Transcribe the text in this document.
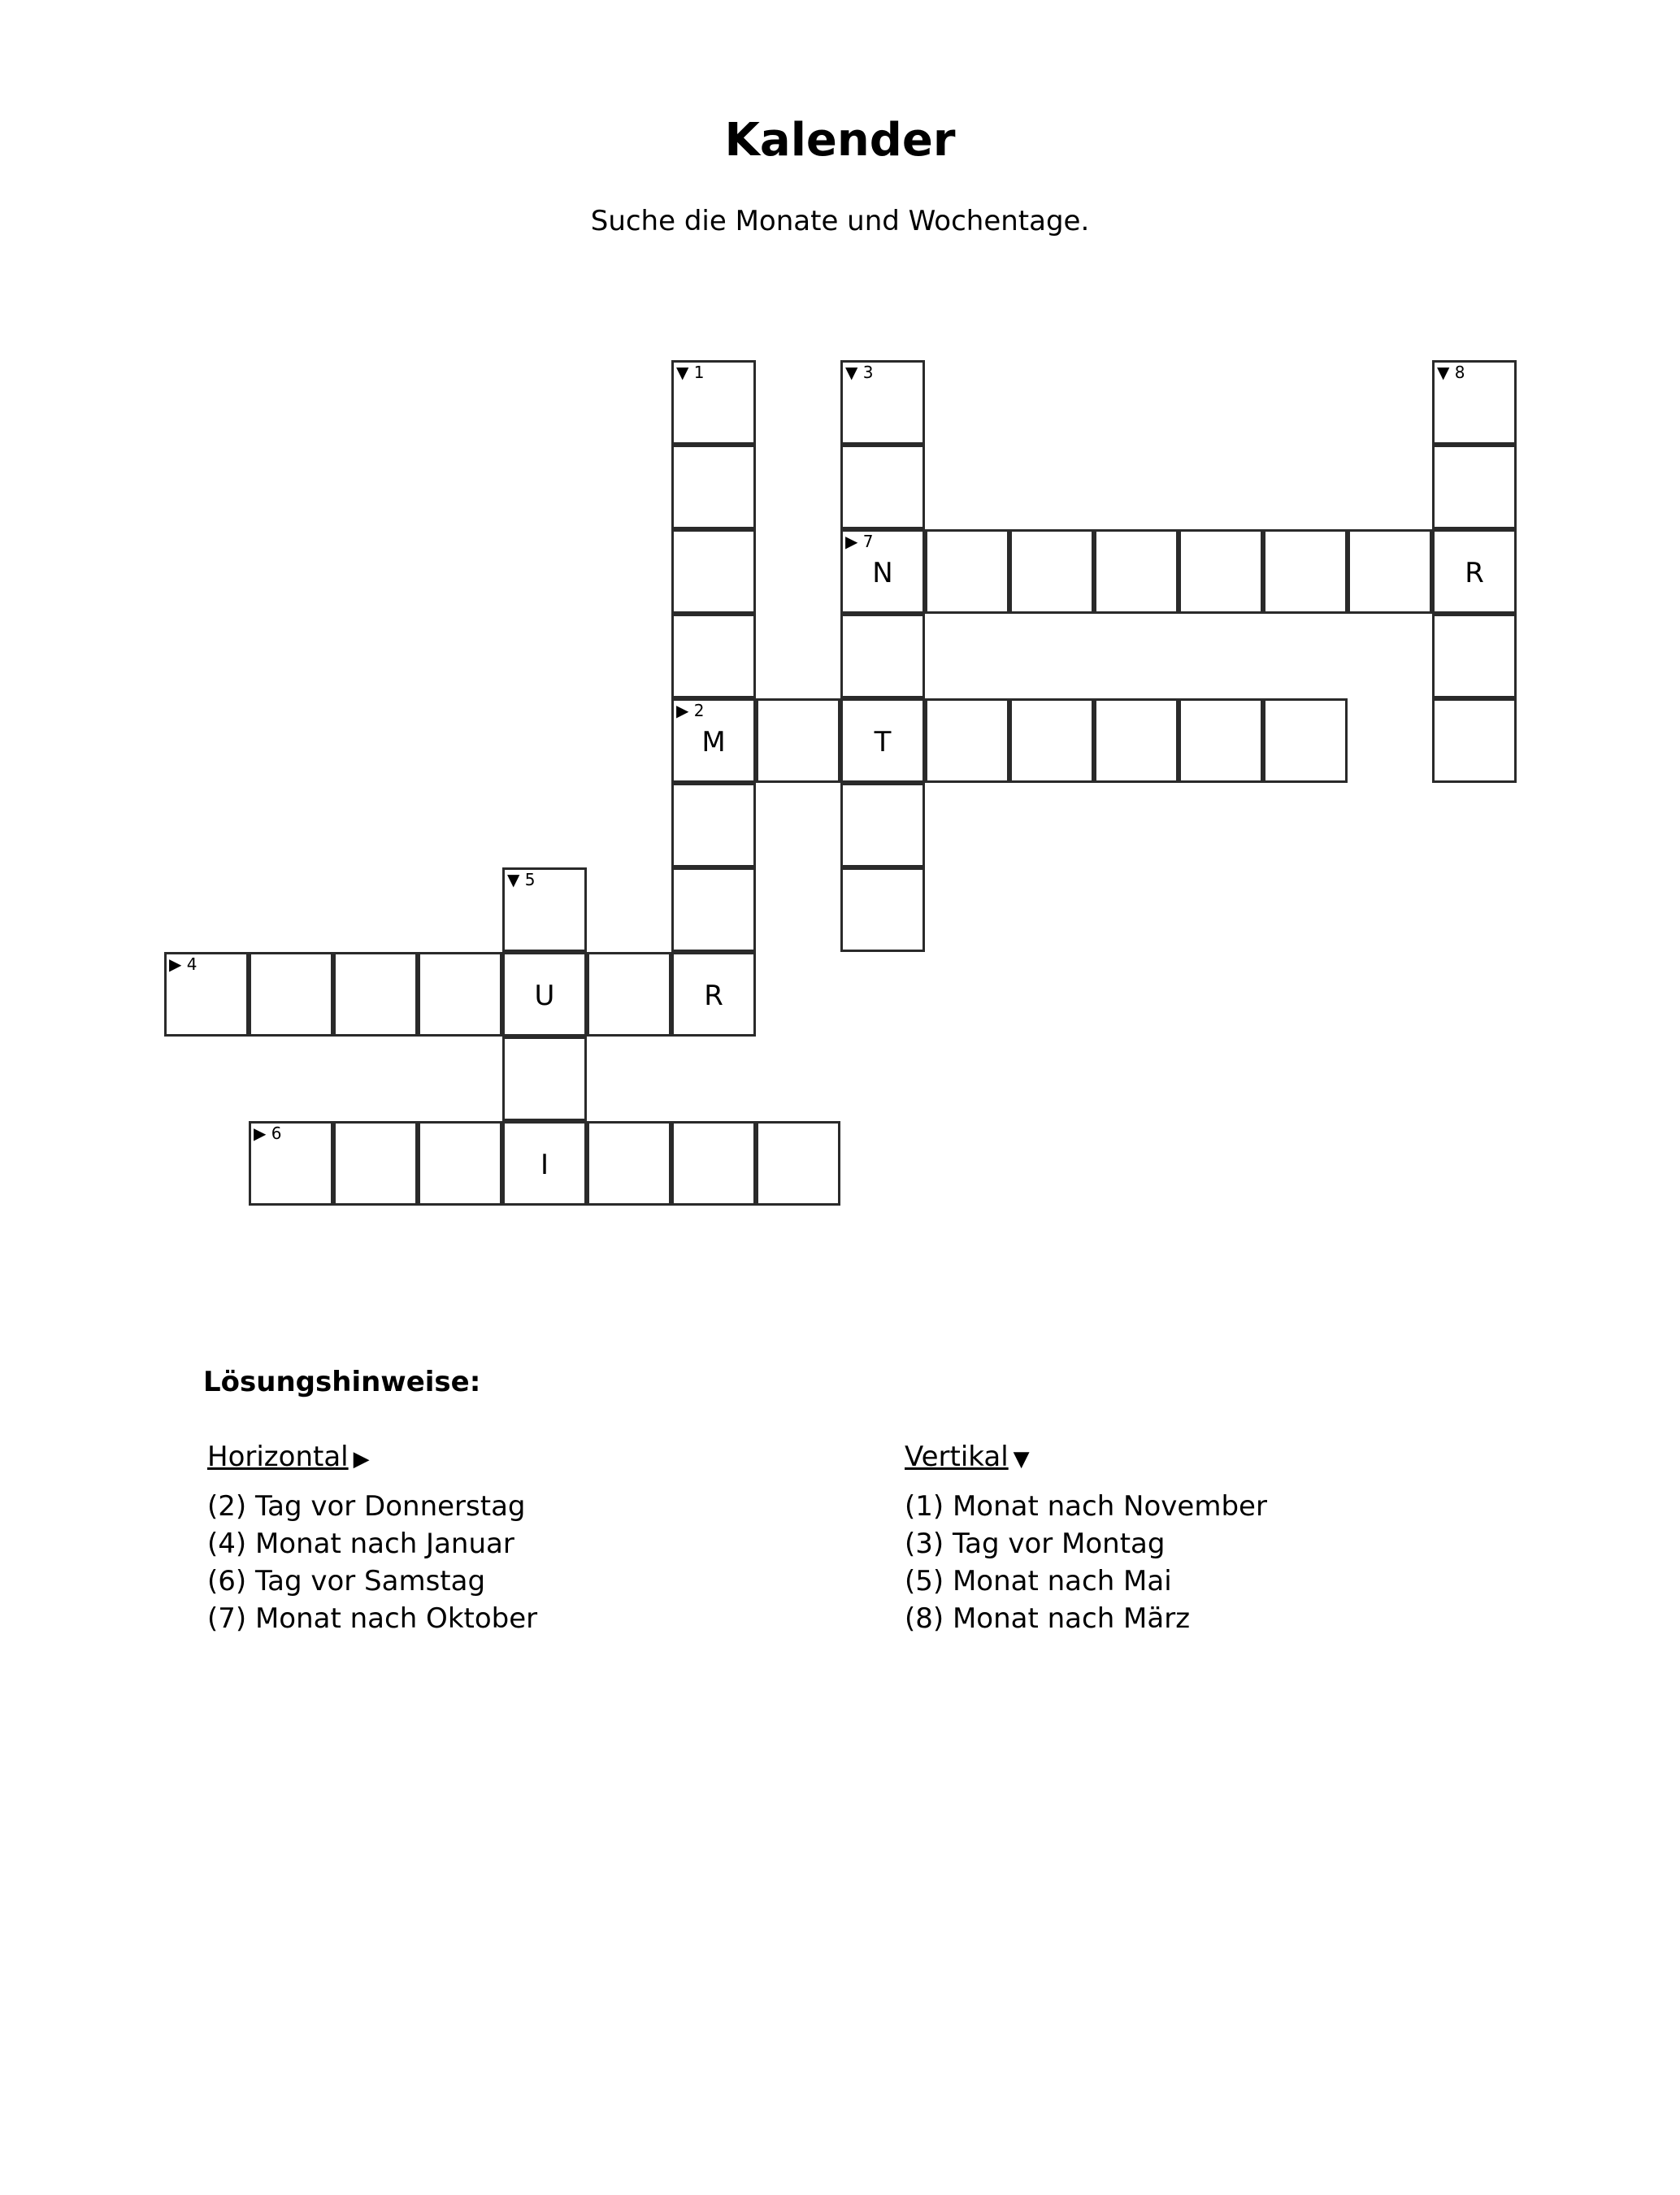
Kalender
Suche die Monate und Wochentage.
▼ 1	▼ 3	▼ 8
▶ 7
N	R
▶ 2
M	T
▼ 5
▶ 4
U	R
▶ 6
I
Lösungshinweise:
Horizontal ▶
(2) Tag vor Donnerstag
(4) Monat nach Januar
(6) Tag vor Samstag
(7) Monat nach Oktober
Vertikal ▼
(1) Monat nach November
(3) Tag vor Montag
(5) Monat nach Mai
(8) Monat nach März
